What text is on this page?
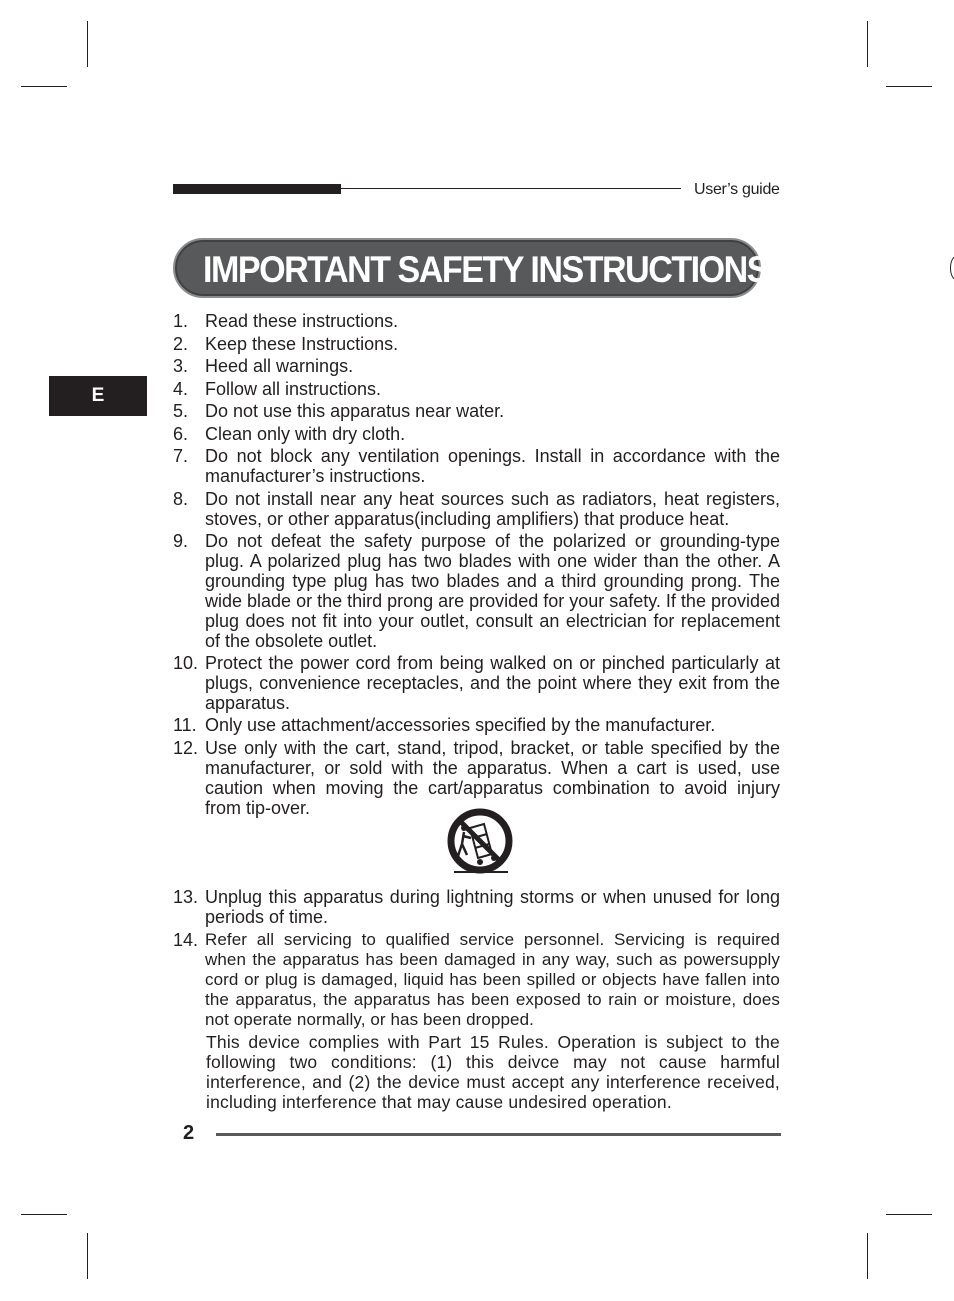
User’s guide
IMPORTANT SAFETY INSTRUCTIONS
E
1. Read these instructions.
2. Keep these Instructions.
3. Heed all warnings.
4. Follow all instructions.
5. Do not use this apparatus near water.
6. Clean only with dry cloth.
7. Do not block any ventilation openings. Install in accordance with the manufacturer’s instructions.
8. Do not install near any heat sources such as radiators, heat registers, stoves, or other apparatus(including amplifiers) that produce heat.
9. Do not defeat the safety purpose of the polarized or grounding-type plug. A polarized plug has two blades with one wider than the other. A grounding type plug has two blades and a third grounding prong. The wide blade or the third prong are provided for your safety. If the provided plug does not fit into your outlet, consult an electrician for replacement of the obsolete outlet.
10. Protect the power cord from being walked on or pinched particularly at plugs, convenience receptacles, and the point where they exit from the apparatus.
11. Only use attachment/accessories specified by the manufacturer.
12. Use only with the cart, stand, tripod, bracket, or table specified by the manufacturer, or sold with the apparatus. When a cart is used, use caution when moving the cart/apparatus combination to avoid injury from tip-over.
13. Unplug this apparatus during lightning storms or when unused for long periods of time.
14. Refer all servicing to qualified service personnel. Servicing is required when the apparatus has been damaged in any way, such as powersupply cord or plug is damaged, liquid has been spilled or objects have fallen into the apparatus, the apparatus has been exposed to rain or moisture, does not operate normally, or has been dropped.
This device complies with Part 15 Rules. Operation is subject to the following two conditions: (1) this deivce may not cause harmful interference, and (2) the device must accept any interference received, including interference that may cause undesired operation.
2
